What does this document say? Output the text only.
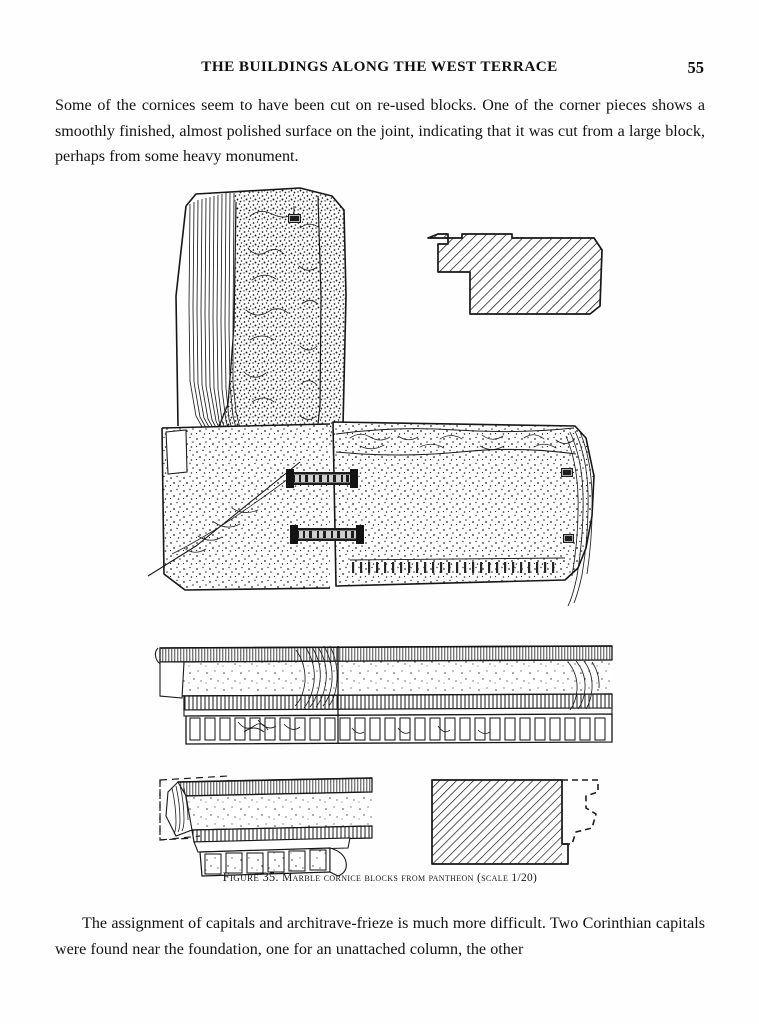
THE BUILDINGS ALONG THE WEST TERRACE	55
Some of the cornices seem to have been cut on re-used blocks. One of the corner pieces shows a smoothly finished, almost polished surface on the joint, indicating that it was cut from a large block, perhaps from some heavy monument.
Figure 35. Marble cornice blocks from pantheon (scale 1/20)
The assignment of capitals and architrave-frieze is much more difficult. Two Corinthian capitals were found near the foundation, one for an unattached column, the other
